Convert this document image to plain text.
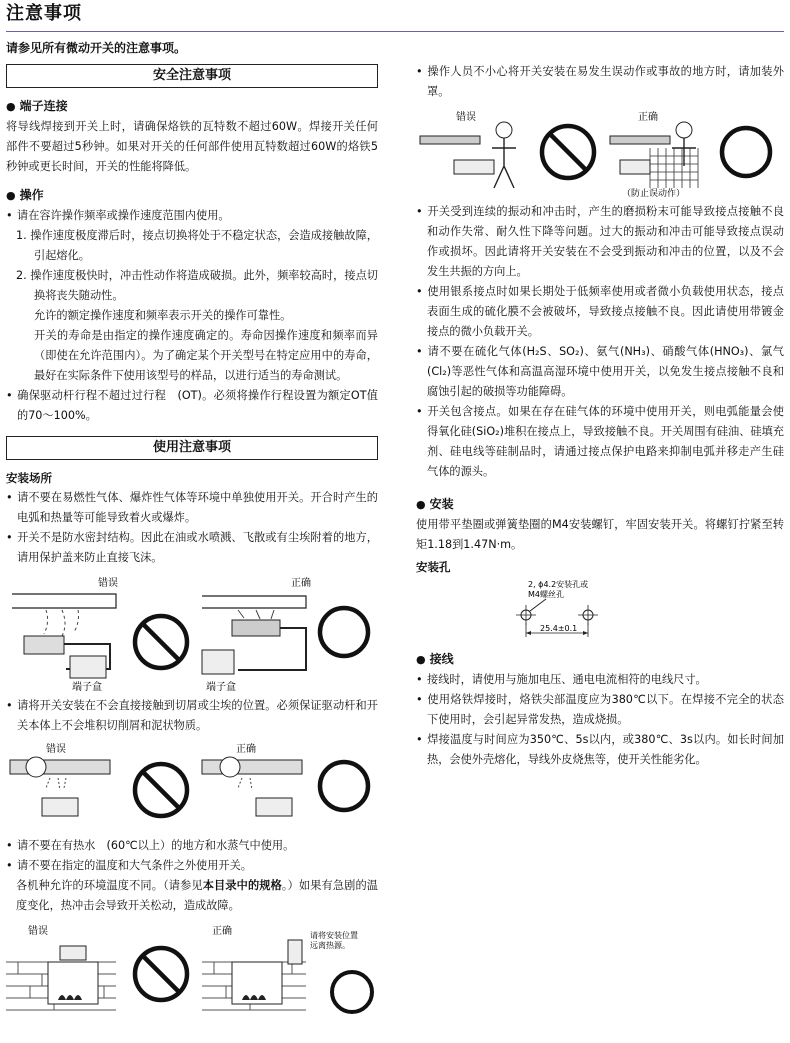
注意事项
请参见所有微动开关的注意事项。
安全注意事项
● 端子连接

将导线焊接到开关上时，请确保烙铁的瓦特数不超过60W。焊接开关任何部件不要超过5秒钟。如果对开关的任何部件使用瓦特数超过60W的烙铁5秒钟或更长时间，开关的性能将降低。

● 操作

• 请在容许操作频率或操作速度范围内使用。

1. 操作速度极度滞后时，接点切换将处于不稳定状态，会造成接触故障，引起熔化。

2. 操作速度极快时，冲击性动作将造成破损。此外，频率较高时，接点切换将丧失随动性。

允许的额定操作速度和频率表示开关的操作可靠性。

开关的寿命是由指定的操作速度确定的。寿命因操作速度和频率而异（即使在允许范围内）。为了确定某个开关型号在特定应用中的寿命，最好在实际条件下使用该型号的样品，以进行适当的寿命测试。

• 确保驱动杆行程不超过过行程　(OT)。必须将操作行程设置为额定OT值的70～100%。

使用注意事项
安装场所

• 请不要在易燃性气体、爆炸性气体等环境中单独使用开关。开合时产生的电弧和热量等可能导致着火或爆炸。

• 开关不是防水密封结构。因此在油或水喷溅、飞散或有尘埃附着的地方，请用保护盖来防止直接飞沫。

错误	正确
端子盒	端子盒

• 请将开关安装在不会直接接触到切屑或尘埃的位置。必须保证驱动杆和开关本体上不会堆积切削屑和泥状物质。

错误	正确

• 请不要在有热水　(60℃以上）的地方和水蒸气中使用。

• 请不要在指定的温度和大气条件之外使用开关。

各机种允许的环境温度不同。（请参见本目录中的规格。）如果有急剧的温度变化，热冲击会导致开关松动，造成故障。

错误	正确	请将安装位置
远离热源。

• 操作人员不小心将开关安装在易发生误动作或事故的地方时，请加装外罩。

错误	正确
（防止误动作）

• 开关受到连续的振动和冲击时，产生的磨损粉末可能导致接点接触不良和动作失常、耐久性下降等问题。过大的振动和冲击可能导致接点误动作或损坏。因此请将开关安装在不会受到振动和冲击的位置，以及不会发生共振的方向上。

• 使用银系接点时如果长期处于低频率使用或者微小负载使用状态，接点表面生成的硫化膜不会被破坏，导致接点接触不良。因此请使用带镀金接点的微小负载开关。

• 请不要在硫化气体(H₂S、SO₂)、氨气(NH₃)、硝酸气体(HNO₃)、氯气(Cl₂)等恶性气体和高温高湿环境中使用开关，以免发生接点接触不良和腐蚀引起的破损等功能障碍。

• 开关包含接点。如果在存在硅气体的环境中使用开关，则电弧能量会使得氧化硅(SiO₂)堆积在接点上，导致接触不良。开关周围有硅油、硅填充剂、硅电线等硅制品时，请通过接点保护电路来抑制电弧并移走产生硅气体的源头。

● 安装

使用带平垫圈或弹簧垫圈的M4安装螺钉，牢固安装开关。将螺钉拧紧至转矩1.18到1.47N·m。

安装孔
2, ϕ4.2安装孔或
M4螺丝孔
25.4±0.1
● 接线

• 接线时，请使用与施加电压、通电电流相符的电线尺寸。

• 使用烙铁焊接时，烙铁尖部温度应为380℃以下。在焊接不完全的状态下使用时，会引起异常发热，造成烧损。

• 焊接温度与时间应为350℃、5s以内，或380℃、3s以内。如长时间加热，会使外壳熔化，导线外皮烧焦等，使开关性能劣化。
